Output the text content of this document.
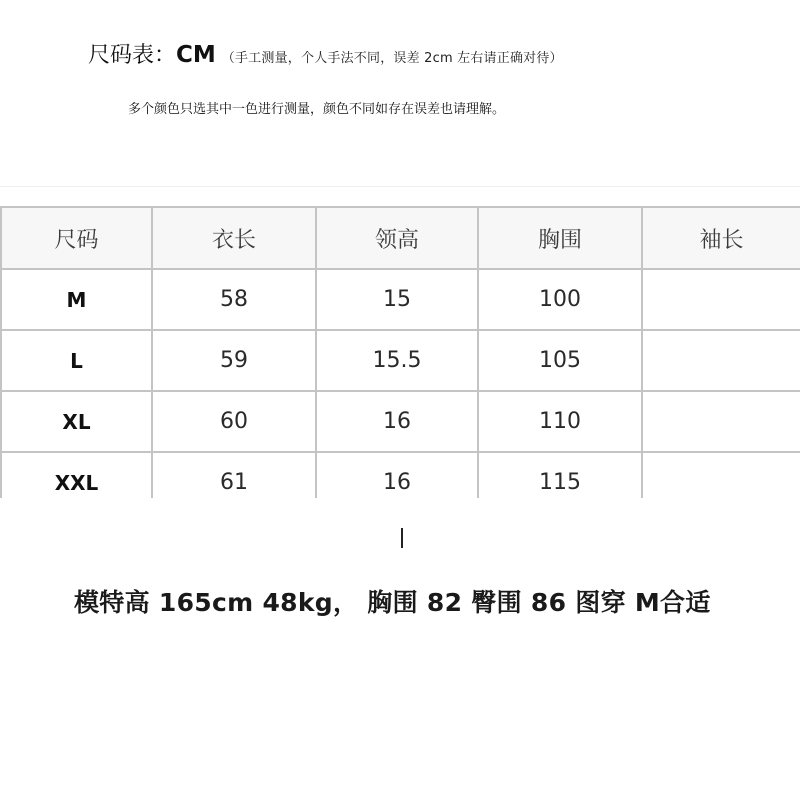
尺码表： CM （手工测量，个人手法不同，误差 2cm 左右请正确对待）
多个颜色只选其中一色进行测量，颜色不同如存在误差也请理解。
尺码	衣长	领高	胸围	袖长
M	58	15	100	
L	59	15.5	105	
XL	60	16	110	
XXL	61	16	115	
模特高 165cm 48kg， 胸围 82 臀围 86 图穿 M合适
